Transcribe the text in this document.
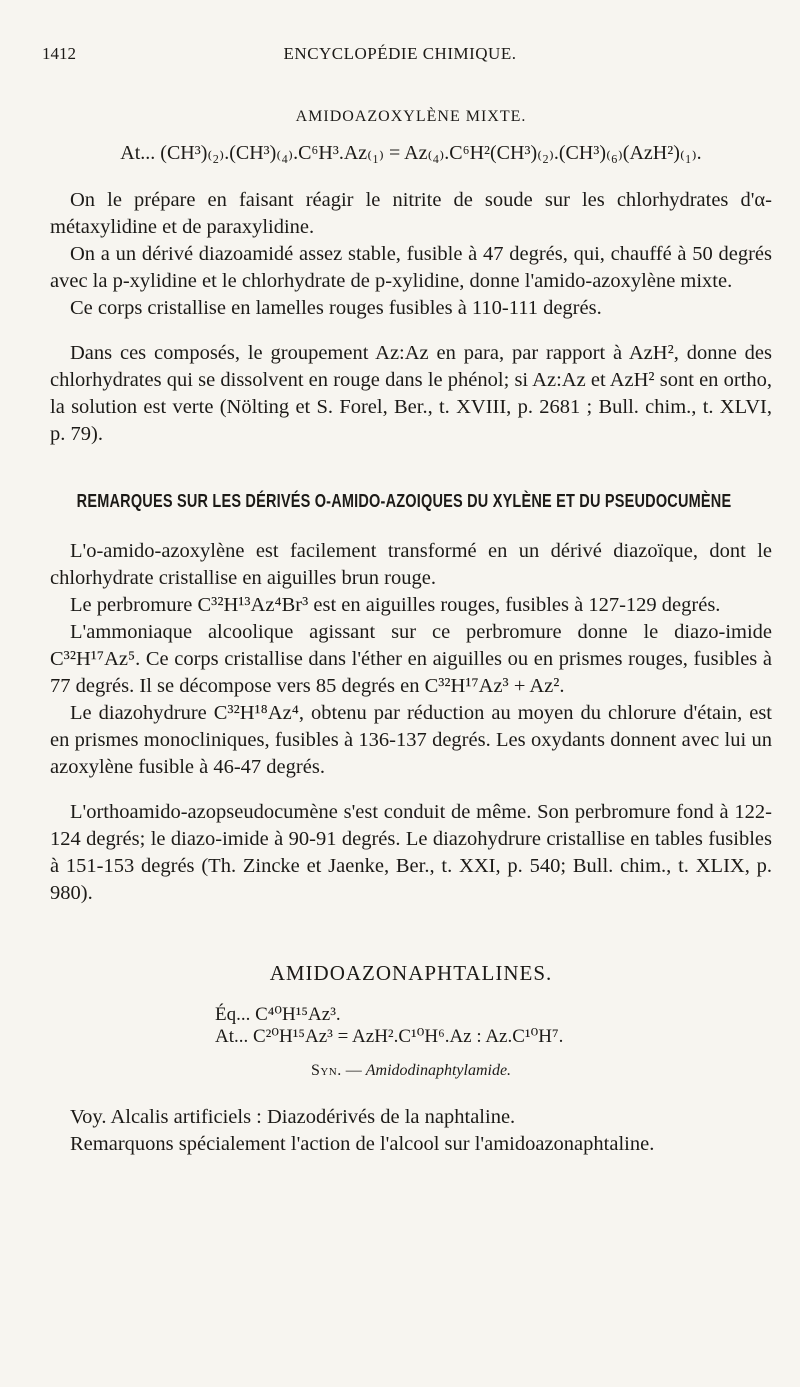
1412	ENCYCLOPÉDIE CHIMIQUE.
AMIDOAZOXYLÈNE MIXTE.
At... (CH³)₍₂₎.(CH³)₍₄₎.C⁶H³.Az₍₁₎ = Az₍₄₎.C⁶H²(CH³)₍₂₎.(CH³)₍₆₎(AzH²)₍₁₎.

On le prépare en faisant réagir le nitrite de soude sur les chlorhydrates d'α-métaxylidine et de paraxylidine.

On a un dérivé diazoamidé assez stable, fusible à 47 degrés, qui, chauffé à 50 degrés avec la p-xylidine et le chlorhydrate de p-xylidine, donne l'amido-azoxylène mixte.

Ce corps cristallise en lamelles rouges fusibles à 110-111 degrés.

Dans ces composés, le groupement Az:Az en para, par rapport à AzH², donne des chlorhydrates qui se dissolvent en rouge dans le phénol; si Az:Az et AzH² sont en ortho, la solution est verte (Nölting et S. Forel, Ber., t. XVIII, p. 2681 ; Bull. chim., t. XLVI, p. 79).

REMARQUES SUR LES DÉRIVÉS O-AMIDO-AZOIQUES DU XYLÈNE ET DU PSEUDOCUMÈNE

L'o-amido-azoxylène est facilement transformé en un dérivé diazoïque, dont le chlorhydrate cristallise en aiguilles brun rouge.

Le perbromure C³²H¹³Az⁴Br³ est en aiguilles rouges, fusibles à 127-129 degrés.

L'ammoniaque alcoolique agissant sur ce perbromure donne le diazo-imide C³²H¹⁷Az⁵. Ce corps cristallise dans l'éther en aiguilles ou en prismes rouges, fusibles à 77 degrés. Il se décompose vers 85 degrés en C³²H¹⁷Az³ + Az².

Le diazohydrure C³²H¹⁸Az⁴, obtenu par réduction au moyen du chlorure d'étain, est en prismes monocliniques, fusibles à 136-137 degrés. Les oxydants donnent avec lui un azoxylène fusible à 46-47 degrés.

L'orthoamido-azopseudocumène s'est conduit de même. Son perbromure fond à 122-124 degrés; le diazo-imide à 90-91 degrés. Le diazohydrure cristallise en tables fusibles à 151-153 degrés (Th. Zincke et Jaenke, Ber., t. XXI, p. 540; Bull. chim., t. XLIX, p. 980).

AMIDOAZONAPHTALINES.
Éq... C⁴⁰H¹⁵Az³.
At... C²⁰H¹⁵Az³ = AzH².C¹⁰H⁶.Az : Az.C¹⁰H⁷.
Syn. — Amidodinaphtylamide.

Voy. Alcalis artificiels : Diazodérivés de la naphtaline.

Remarquons spécialement l'action de l'alcool sur l'amidoazonaphtaline.
